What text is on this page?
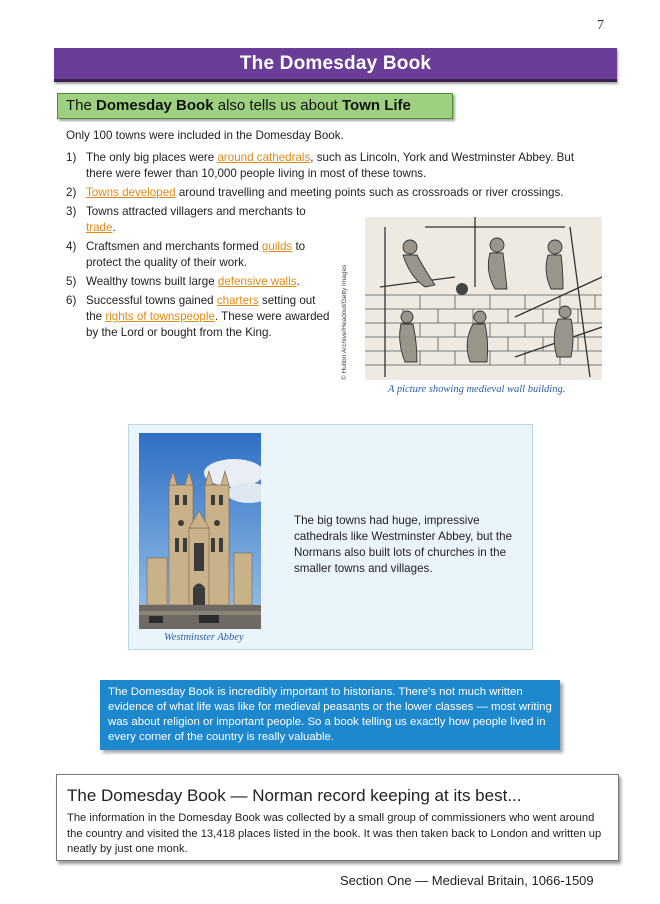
7
The Domesday Book
The Domesday Book also tells us about Town Life
Only 100 towns were included in the Domesday Book.
1) The only big places were around cathedrals, such as Lincoln, York and Westminster Abbey. But there were fewer than 10,000 people living in most of these towns.
2) Towns developed around travelling and meeting points such as crossroads or river crossings.
3) Towns attracted villagers and merchants to trade.
4) Craftsmen and merchants formed guilds to protect the quality of their work.
5) Wealthy towns built large defensive walls.
6) Successful towns gained charters setting out the rights of townspeople. These were awarded by the Lord or bought from the King.	© Hulton Archive/Headout/Getty Images
A picture showing medieval wall building.
Westminster Abbey
The big towns had huge, impressive cathedrals like Westminster Abbey, but the Normans also built lots of churches in the smaller towns and villages.
The Domesday Book is incredibly important to historians. There's not much written evidence of what life was like for medieval peasants or the lower classes — most writing was about religion or important people. So a book telling us exactly how people lived in every corner of the country is really valuable.
The Domesday Book — Norman record keeping at its best...
The information in the Domesday Book was collected by a small group of commissioners who went around the country and visited the 13,418 places listed in the book. It was then taken back to London and written up neatly by just one monk.
Section One — Medieval Britain, 1066-1509
